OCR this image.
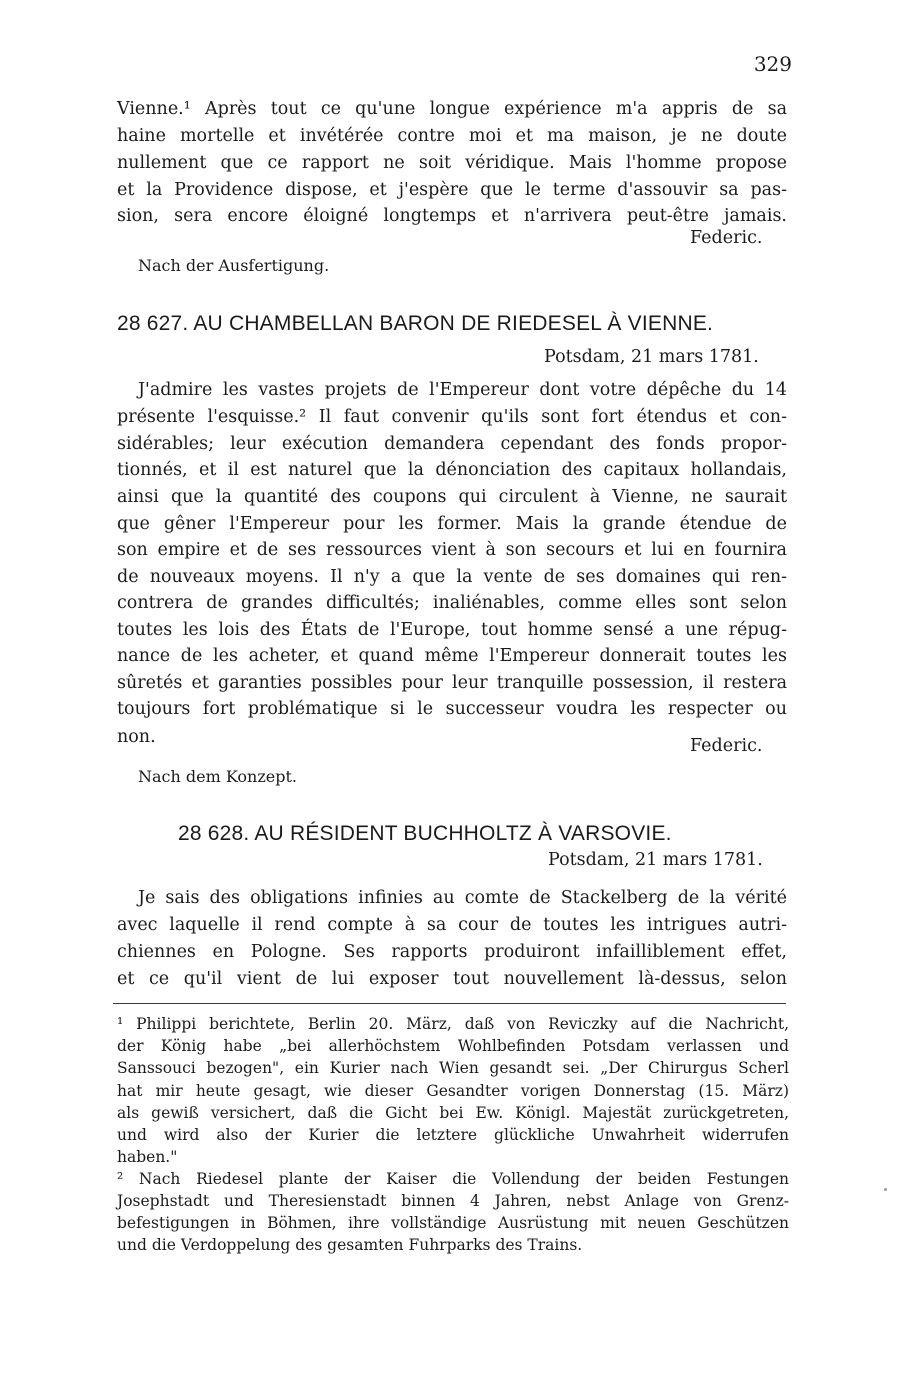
329
Vienne.¹ Après tout ce qu'une longue expérience m'a appris de sa
haine mortelle et invétérée contre moi et ma maison, je ne doute
nullement que ce rapport ne soit véridique. Mais l'homme propose
et la Providence dispose, et j'espère que le terme d'assouvir sa pas-
sion, sera encore éloigné longtemps et n'arrivera peut-être jamais.
Federic.
Nach der Ausfertigung.
28 627. AU CHAMBELLAN BARON DE RIEDESEL À VIENNE.
Potsdam, 21 mars 1781.
J'admire les vastes projets de l'Empereur dont votre dépêche du 14
présente l'esquisse.² Il faut convenir qu'ils sont fort étendus et con-
sidérables; leur exécution demandera cependant des fonds propor-
tionnés, et il est naturel que la dénonciation des capitaux hollandais,
ainsi que la quantité des coupons qui circulent à Vienne, ne saurait
que gêner l'Empereur pour les former. Mais la grande étendue de
son empire et de ses ressources vient à son secours et lui en fournira
de nouveaux moyens. Il n'y a que la vente de ses domaines qui ren-
contrera de grandes difficultés; inaliénables, comme elles sont selon
toutes les lois des États de l'Europe, tout homme sensé a une répug-
nance de les acheter, et quand même l'Empereur donnerait toutes les
sûretés et garanties possibles pour leur tranquille possession, il restera
toujours fort problématique si le successeur voudra les respecter ou
non.	Federic.
Nach dem Konzept.
28 628. AU RÉSIDENT BUCHHOLTZ À VARSOVIE.
Potsdam, 21 mars 1781.
Je sais des obligations infinies au comte de Stackelberg de la vérité
avec laquelle il rend compte à sa cour de toutes les intrigues autri-
chiennes en Pologne. Ses rapports produiront infailliblement effet,
et ce qu'il vient de lui exposer tout nouvellement là-dessus, selon
¹ Philippi berichtete, Berlin 20. März, daß von Reviczky auf die Nachricht,
der König habe „bei allerhöchstem Wohlbefinden Potsdam verlassen und
Sanssouci bezogen", ein Kurier nach Wien gesandt sei. „Der Chirurgus Scherl
hat mir heute gesagt, wie dieser Gesandter vorigen Donnerstag (15. März)
als gewiß versichert, daß die Gicht bei Ew. Königl. Majestät zurückgetreten,
und wird also der Kurier die letztere glückliche Unwahrheit widerrufen
haben."
² Nach Riedesel plante der Kaiser die Vollendung der beiden Festungen
Josephstadt und Theresienstadt binnen 4 Jahren, nebst Anlage von Grenz-
befestigungen in Böhmen, ihre vollständige Ausrüstung mit neuen Geschützen
und die Verdoppelung des gesamten Fuhrparks des Trains.
